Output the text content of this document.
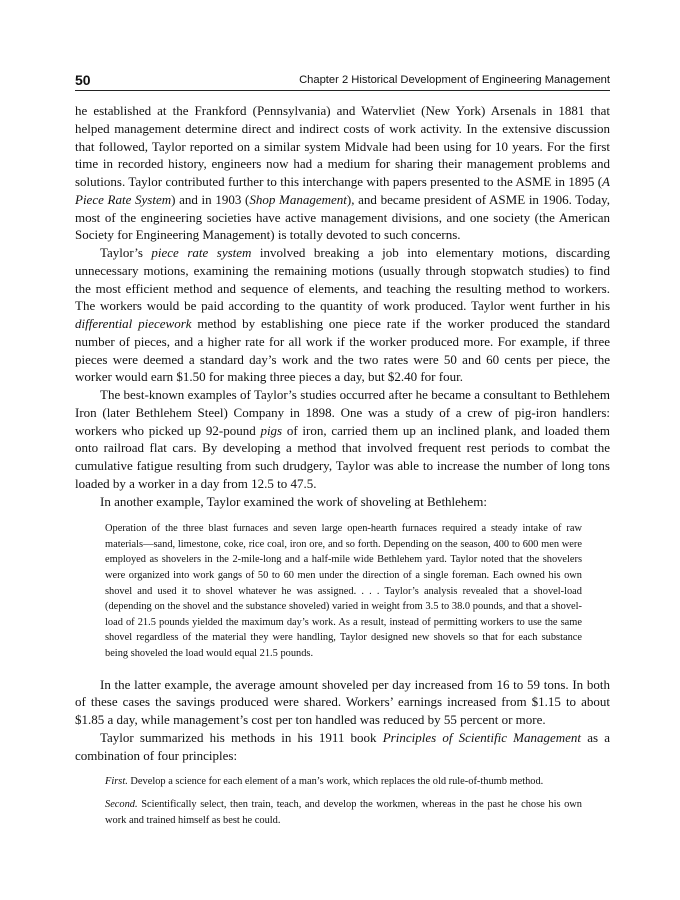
50	Chapter 2 Historical Development of Engineering Management

he established at the Frankford (Pennsylvania) and Watervliet (New York) Arsenals in 1881 that helped management determine direct and indirect costs of work activity. In the extensive discussion that followed, Taylor reported on a similar system Midvale had been using for 10 years. For the first time in recorded history, engineers now had a medium for sharing their management problems and solutions. Taylor contributed further to this interchange with papers presented to the ASME in 1895 (A Piece Rate System) and in 1903 (Shop Management), and became president of ASME in 1906. Today, most of the engineering societies have active management divisions, and one society (the American Society for Engineering Management) is totally devoted to such concerns.

Taylor’s piece rate system involved breaking a job into elementary motions, discarding unnecessary motions, examining the remaining motions (usually through stopwatch studies) to find the most efficient method and sequence of elements, and teaching the resulting method to workers. The workers would be paid according to the quantity of work produced. Taylor went further in his differential piecework method by establishing one piece rate if the worker produced the standard number of pieces, and a higher rate for all work if the worker produced more. For example, if three pieces were deemed a standard day’s work and the two rates were 50 and 60 cents per piece, the worker would earn $1.50 for making three pieces a day, but $2.40 for four.

The best-known examples of Taylor’s studies occurred after he became a consultant to Bethlehem Iron (later Bethlehem Steel) Company in 1898. One was a study of a crew of pig-iron handlers: workers who picked up 92-pound pigs of iron, carried them up an inclined plank, and loaded them onto railroad flat cars. By developing a method that involved frequent rest periods to combat the cumulative fatigue resulting from such drudgery, Taylor was able to increase the number of long tons loaded by a worker in a day from 12.5 to 47.5.

In another example, Taylor examined the work of shoveling at Bethlehem:

Operation of the three blast furnaces and seven large open-hearth furnaces required a steady intake of raw materials—sand, limestone, coke, rice coal, iron ore, and so forth. Depending on the season, 400 to 600 men were employed as shovelers in the 2-mile-long and a half-mile wide Bethlehem yard. Taylor noted that the shovelers were organized into work gangs of 50 to 60 men under the direction of a single foreman. Each owned his own shovel and used it to shovel whatever he was assigned. . . . Taylor’s analysis revealed that a shovel-load (depending on the shovel and the substance shoveled) varied in weight from 3.5 to 38.0 pounds, and that a shovel-load of 21.5 pounds yielded the maximum day’s work. As a result, instead of permitting workers to use the same shovel regardless of the material they were handling, Taylor designed new shovels so that for each substance being shoveled the load would equal 21.5 pounds.

In the latter example, the average amount shoveled per day increased from 16 to 59 tons. In both of these cases the savings produced were shared. Workers’ earnings increased from $1.15 to about $1.85 a day, while management’s cost per ton handled was reduced by 55 percent or more.

Taylor summarized his methods in his 1911 book Principles of Scientific Management as a combination of four principles:

First. Develop a science for each element of a man’s work, which replaces the old rule-of-thumb method.

Second. Scientifically select, then train, teach, and develop the workmen, whereas in the past he chose his own work and trained himself as best he could.
